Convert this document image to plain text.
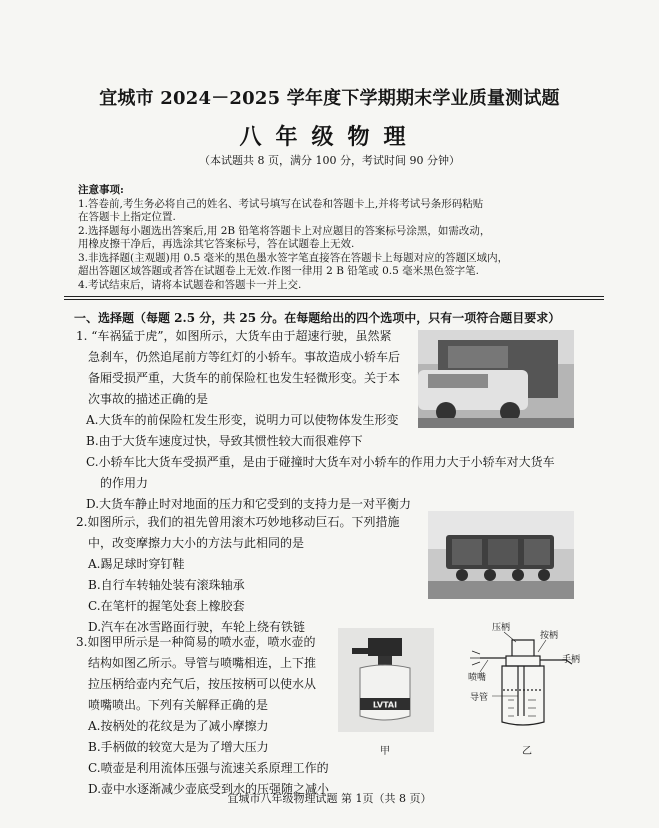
宜城市 2024－2025 学年度下学期期末学业质量测试题
八年级物理
（本试题共 8 页，满分 100 分，考试时间 90 分钟）

注意事项:

1.答卷前,考生务必将自己的姓名、考试号填写在试卷和答题卡上,并将考试号条形码粘贴

在答题卡上指定位置.

2.选择题每小题选出答案后,用 2B 铅笔将答题卡上对应题目的答案标号涂黑，如需改动，

用橡皮擦干净后，再选涂其它答案标号，答在试题卷上无效.

3.非选择题(主观题)用 0.5 毫米的黑色墨水签字笔直接答在答题卡上每题对应的答题区域内，

超出答题区域答题或者答在试题卷上无效.作图一律用 2 B 铅笔或 0.5 毫米黑色签字笔.

4.考试结束后，请将本试题卷和答题卡一并上交.

一、选择题（每题 2.5 分，共 25 分。在每题给出的四个选项中，只有一项符合题目要求）

1. “车祸猛于虎”，如图所示，大货车由于超速行驶，虽然紧

急刹车，仍然追尾前方等红灯的小轿车。事故造成小轿车后

备厢受损严重，大货车的前保险杠也发生轻微形变。关于本

次事故的描述正确的是

A.大货车的前保险杠发生形变，说明力可以使物体发生形变

B.由于大货车速度过快，导致其惯性较大而很难停下

C.小轿车比大货车受损严重，是由于碰撞时大货车对小轿车的作用力大于小轿车对大货车

的作用力

D.大货车静止时对地面的压力和它受到的支持力是一对平衡力

2.如图所示，我们的祖先曾用滚木巧妙地移动巨石。下列措施

中，改变摩擦力大小的方法与此相同的是

A.踢足球时穿钉鞋

B.自行车转轴处装有滚珠轴承

C.在笔杆的握笔处套上橡胶套

D.汽车在冰雪路面行驶，车轮上绕有铁链

3.如图甲所示是一种简易的喷水壶，喷水壶的

结构如图乙所示。导管与喷嘴相连，上下推

拉压柄给壶内充气后，按压按柄可以使水从

喷嘴喷出。下列有关解释正确的是

A.按柄处的花纹是为了减小摩擦力

B.手柄做的较宽大是为了增大压力

C.喷壶是利用流体压强与流速关系原理工作的

D.壶中水逐渐减少壶底受到水的压强随之减小

LVTAI
甲
压柄
按柄
手柄
喷嘴
导管
乙
宜城市八年级物理试题 第 1页（共 8 页）
